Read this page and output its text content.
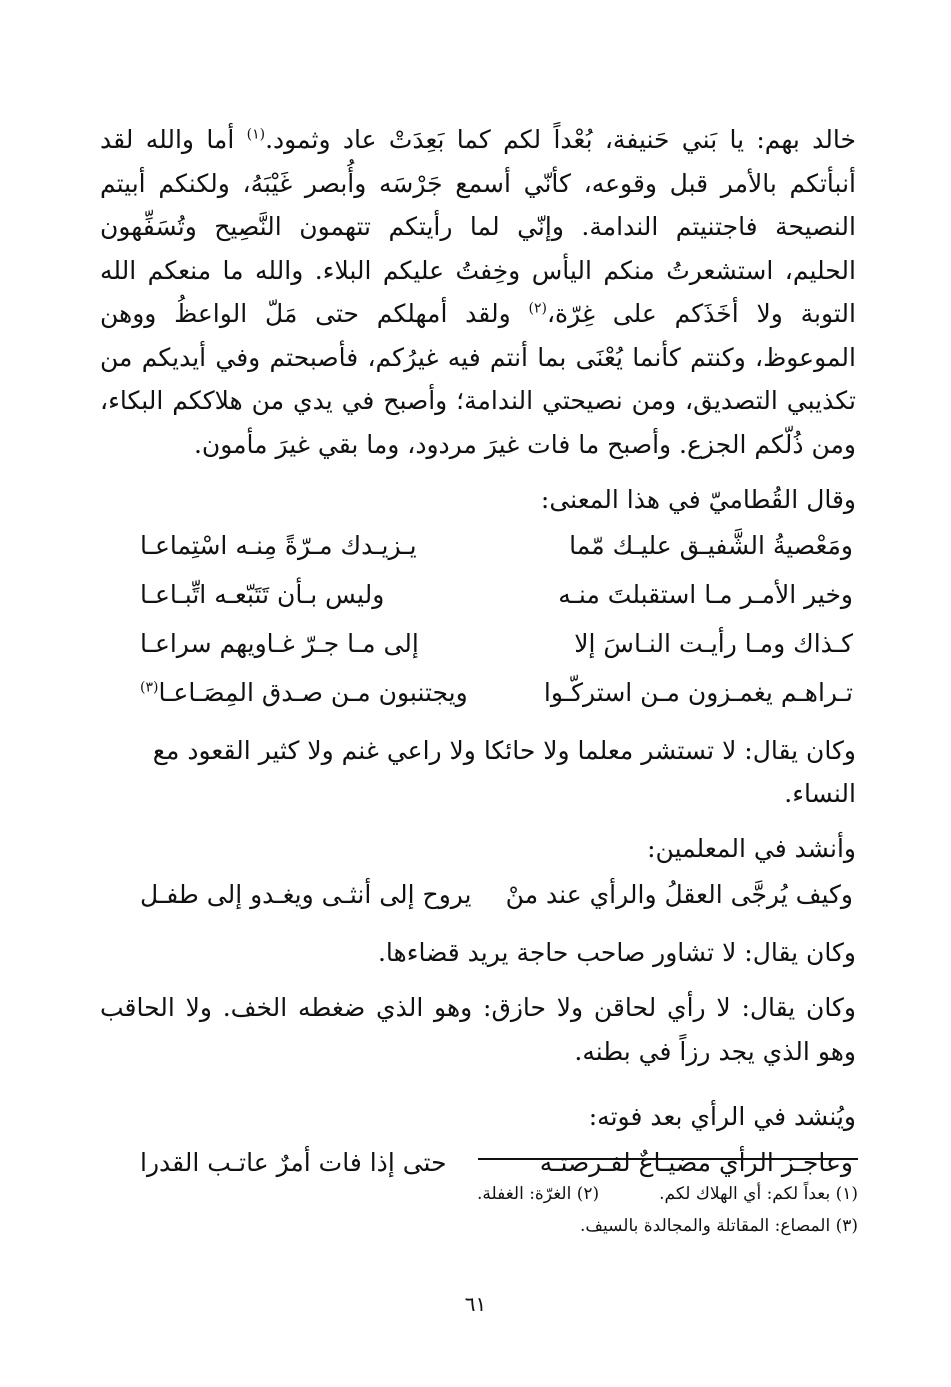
خالد بهم: يا بَني حَنيفة، بُعْداً لكم كما بَعِدَتْ عاد وثمود.$^{(١)}$ أما والله لقد أنبأتكم بالأمر قبل وقوعه، كأنّي أسمع جَرْسَه وأُبصر غَيْبَهُ، ولكنكم أبيتم النصيحة فاجتنيتم الندامة. وإنّي لما رأيتكم تتهمون النَّصِيح وتُسَفِّهون الحليم، استشعرتُ منكم اليأس وخِفتُ عليكم البلاء. والله ما منعكم الله التوبة ولا أخَذَكم على غِرّة،$^{(٢)}$ ولقد أمهلكم حتى مَلّ الواعظُ ووهن الموعوظ، وكنتم كأنما يُعْنَى بما أنتم فيه غيرُكم، فأصبحتم وفي أيديكم من تكذيبي التصديق، ومن نصيحتي الندامة؛ وأصبح في يدي من هلاككم البكاء، ومن ذُلّكم الجزع. وأصبح ما فات غيرَ مردود، وما بقي غيرَ مأمون.

وقال القُطاميّ في هذا المعنى:

ومَعْصيةُ الشَّفيـق عليـك مّما
يـزيـدك مـرّةً مِنـه اسْتِماعـا
وخير الأمـر مـا استقبلتَ منـه
وليس بـأن تَتَبّعـه اتِّبـاعـا
كـذاك ومـا رأيـت النـاسَ إلا
إلى مـا جـرّ غـاويهم سراعـا
تـراهـم يغمـزون مـن استركّـوا
ويجتنبون مـن صـدق المِصَـاعـا$^{(٣)}$

وكان يقال: لا تستشر معلما ولا حائكا ولا راعي غنم ولا كثير القعود مع النساء.

وأنشد في المعلمين:

وكيف يُرجَّى العقلُ والرأي عند منْ
يروح إلى أنثـى ويغـدو إلى طفـل

وكان يقال: لا تشاور صاحب حاجة يريد قضاءها.

وكان يقال: لا رأي لحاقن ولا حازق: وهو الذي ضغطه الخف. ولا الحاقب وهو الذي يجد رزاً في بطنه.

ويُنشد في الرأي بعد فوته:

وعاجـز الرأي مضيـاعٌ لفـرصتـه
حتى إذا فات أمرٌ عاتـب القدرا
(١) بعداً لكم: أي الهلاك لكم.
(٢) الغرّة: الغفلة.
(٣) المصاع: المقاتلة والمجالدة بالسيف.
٦١
